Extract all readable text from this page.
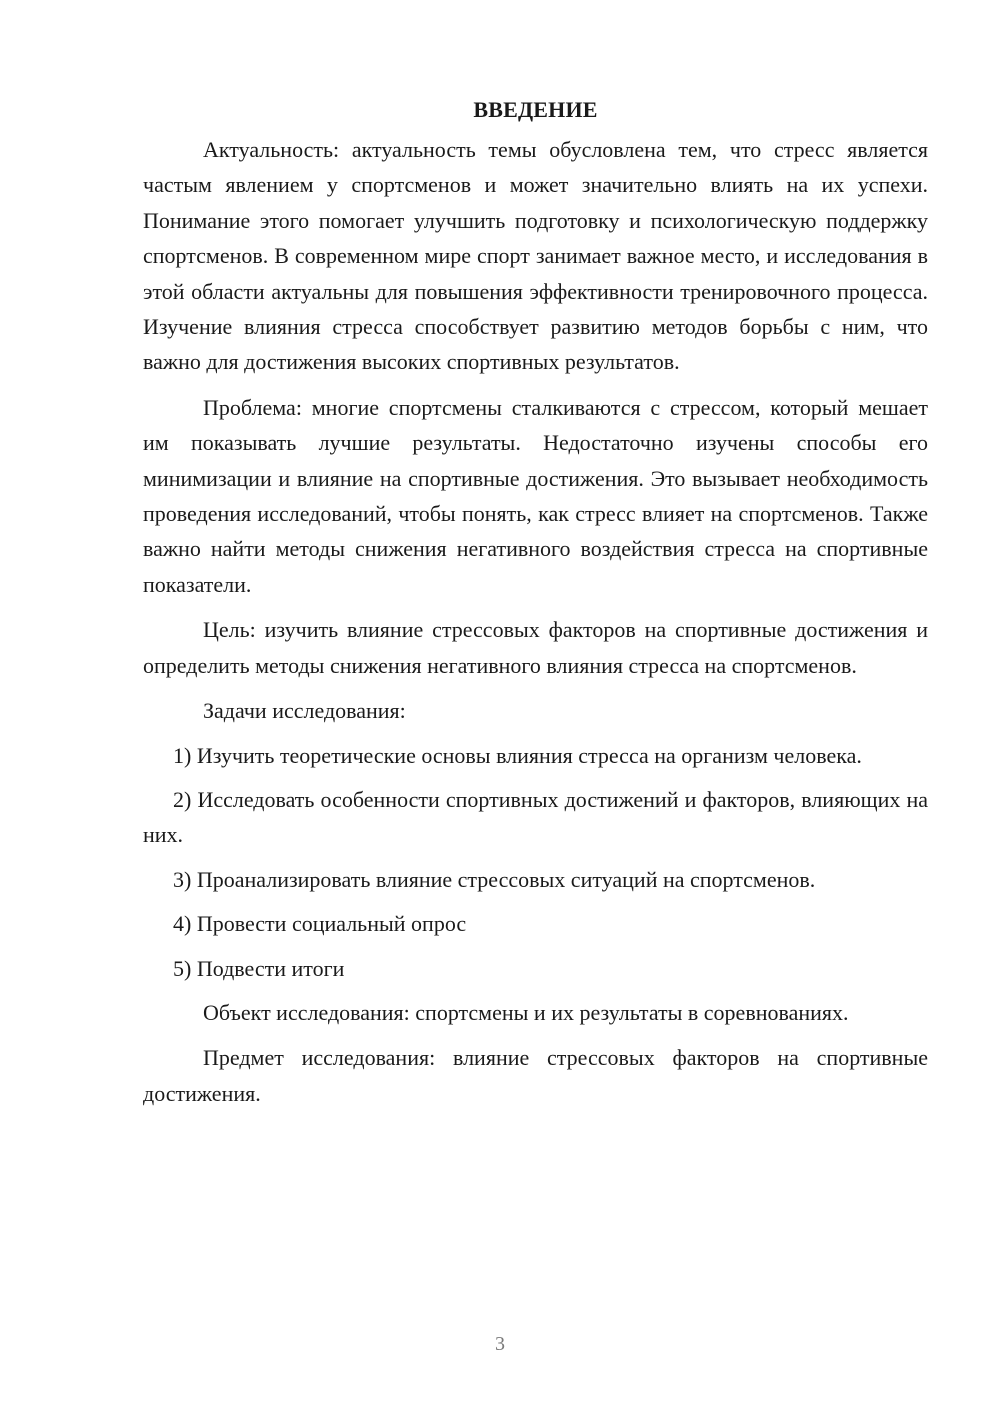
ВВЕДЕНИЕ

Актуальность: актуальность темы обусловлена тем, что стресс является частым явлением у спортсменов и может значительно влиять на их успехи. Понимание этого помогает улучшить подготовку и психологическую поддержку спортсменов. В современном мире спорт занимает важное место, и исследования в этой области актуальны для повышения эффективности тренировочного процесса. Изучение влияния стресса способствует развитию методов борьбы с ним, что важно для достижения высоких спортивных результатов.

Проблема: многие спортсмены сталкиваются с стрессом, который мешает им показывать лучшие результаты. Недостаточно изучены способы его минимизации и влияние на спортивные достижения. Это вызывает необходимость проведения исследований, чтобы понять, как стресс влияет на спортсменов. Также важно найти методы снижения негативного воздействия стресса на спортивные показатели.

Цель: изучить влияние стрессовых факторов на спортивные достижения и определить методы снижения негативного влияния стресса на спортсменов.

Задачи исследования:

1) Изучить теоретические основы влияния стресса на организм человека.

2) Исследовать особенности спортивных достижений и факторов, влияющих на них.

3) Проанализировать влияние стрессовых ситуаций на спортсменов.

4) Провести социальный опрос

5) Подвести итоги

Объект исследования: спортсмены и их результаты в соревнованиях.

Предмет исследования: влияние стрессовых факторов на спортивные достижения.

3
